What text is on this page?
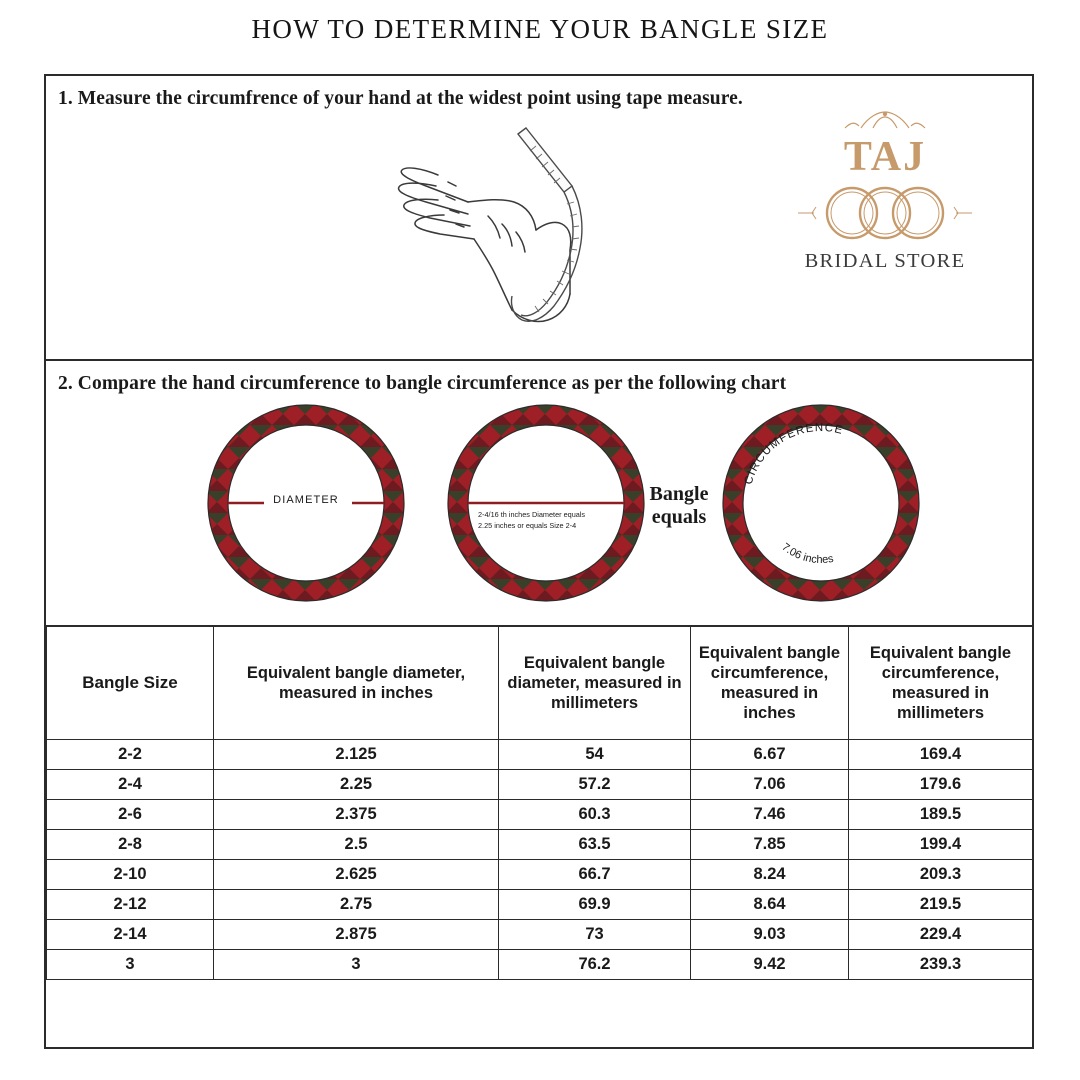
HOW TO DETERMINE YOUR BANGLE SIZE
1. Measure the circumfrence of your hand at the widest point using tape measure.
TAJ
BRIDAL STORE
2. Compare the hand circumference to bangle circumference as per the following chart
DIAMETER
2-4/16 th inches Diameter equals 2.25 inches or equals Size 2-4
Bangle equals
CIRCUMFERENCE
7.06 inches
Bangle Size	Equivalent bangle diameter, measured in inches	Equivalent bangle diameter, measured in millimeters	Equivalent bangle circumference, measured in inches	Equivalent bangle circumference, measured in millimeters
2-2	2.125	54	6.67	169.4
2-4	2.25	57.2	7.06	179.6
2-6	2.375	60.3	7.46	189.5
2-8	2.5	63.5	7.85	199.4
2-10	2.625	66.7	8.24	209.3
2-12	2.75	69.9	8.64	219.5
2-14	2.875	73	9.03	229.4
3	3	76.2	9.42	239.3
